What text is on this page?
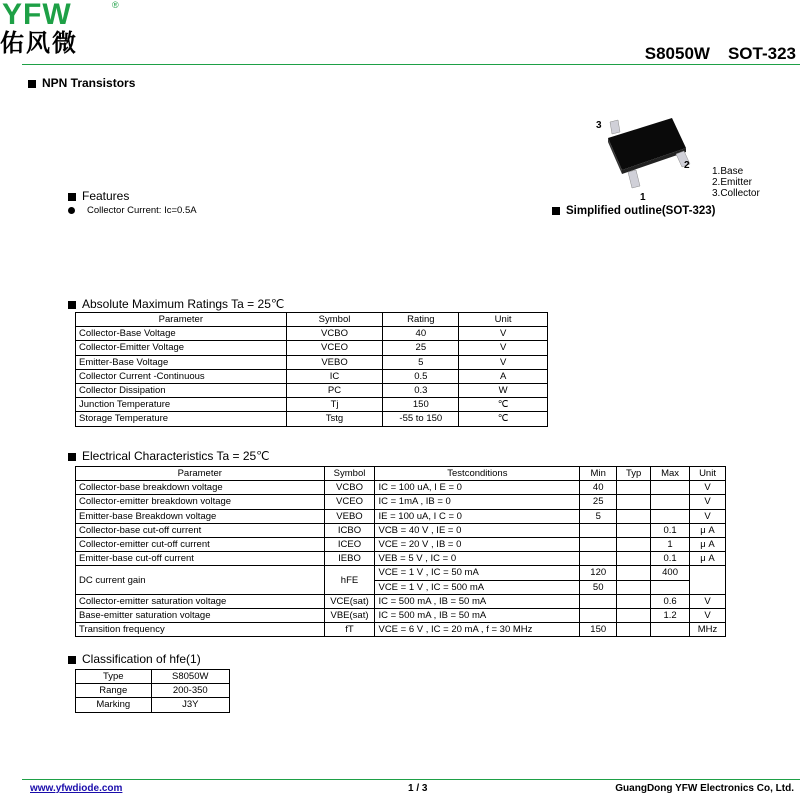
YFW	®
佑风微	S8050W SOT-323
NPN Transistors
3
2
1
1.Base
2.Emitter
3.Collector
Features
Collector Current: Ic=0.5A	Simplified outline(SOT-323)
Absolute Maximum Ratings Ta = 25℃
Parameter	Symbol	Rating	Unit
Collector-Base Voltage	VCBO	40	V
Collector-Emitter Voltage	VCEO	25	V
Emitter-Base Voltage	VEBO	5	V
Collector Current -Continuous	IC	0.5	A
Collector Dissipation	PC	0.3	W
Junction Temperature	Tj	150	℃
Storage Temperature	Tstg	-55 to 150	℃
Electrical Characteristics Ta = 25℃
Parameter	Symbol	Testconditions	Min	Typ	Max	Unit
Collector-base breakdown voltage	VCBO	IC = 100 uA, I E = 0	40			V
Collector-emitter breakdown voltage	VCEO	IC = 1mA , IB = 0	25			V
Emitter-base Breakdown voltage	VEBO	IE = 100 uA, I C = 0	5			V
Collector-base cut-off current	ICBO	VCB = 40 V , IE = 0			0.1	μ A
Collector-emitter cut-off current	ICEO	VCE = 20 V , IB = 0			1	μ A
Emitter-base cut-off current	IEBO	VEB = 5 V , IC = 0			0.1	μ A
DC current gain	hFE	VCE = 1 V , IC = 50 mA	120		400	
		VCE = 1 V , IC = 500 mA	50			
Collector-emitter saturation voltage	VCE(sat)	IC = 500 mA , IB = 50 mA			0.6	V
Base-emitter saturation voltage	VBE(sat)	IC = 500 mA , IB = 50 mA			1.2	V
Transition frequency	fT	VCE = 6 V , IC = 20 mA , f = 30 MHz	150			MHz
Classification of hfe(1)
Type	S8050W
Range	200-350
Marking	J3Y
www.yfwdiode.com	1 / 3	GuangDong YFW Electronics Co, Ltd.
